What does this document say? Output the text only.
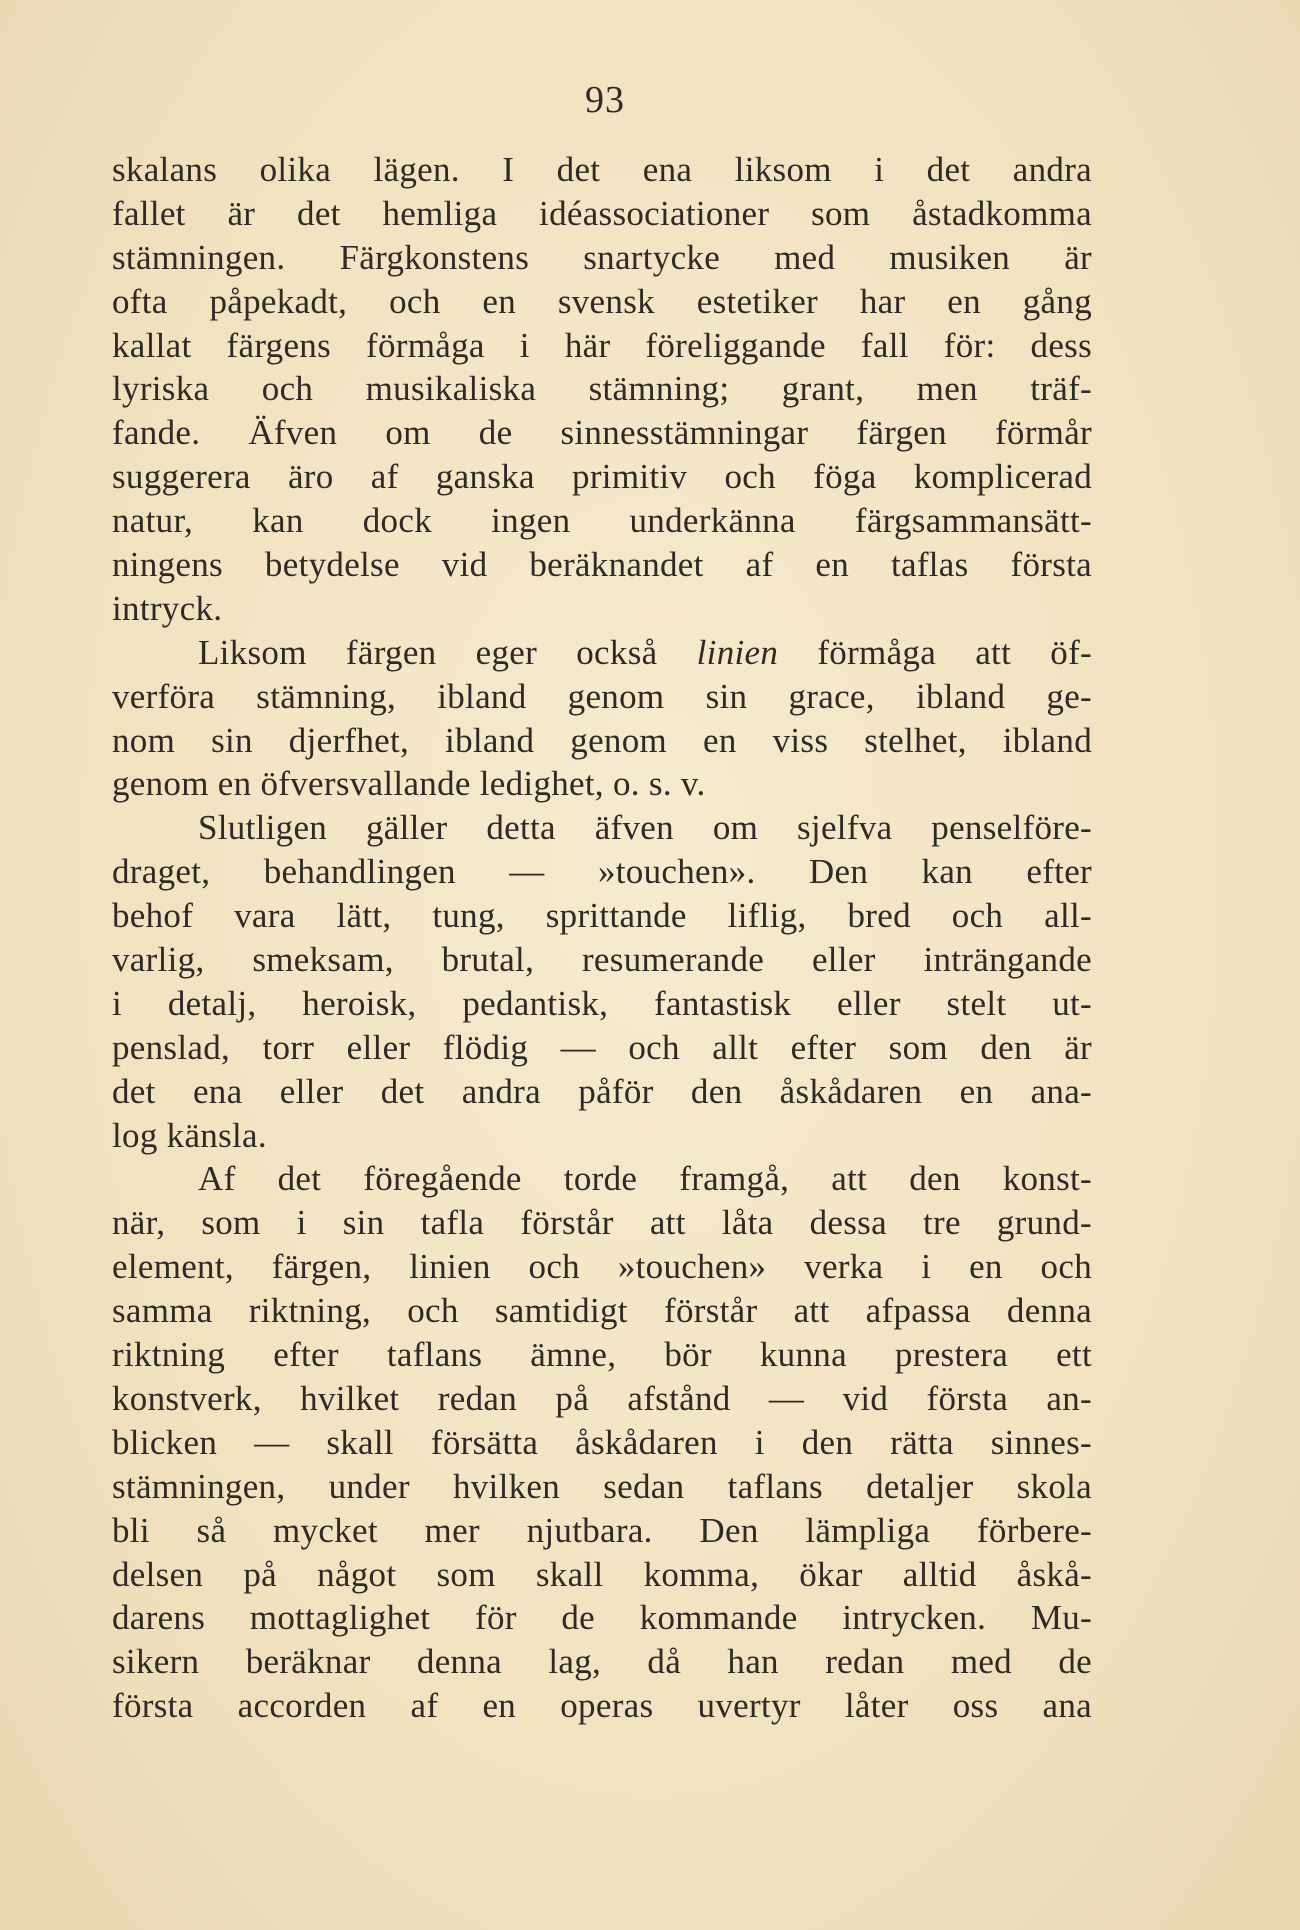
93
skalans olika lägen. I det ena liksom i det andra
fallet är det hemliga idéassociationer som åstadkomma
stämningen. Färgkonstens snartycke med musiken är
ofta påpekadt, och en svensk estetiker har en gång
kallat färgens förmåga i här föreliggande fall för: dess
lyriska och musikaliska stämning; grant, men träf-
fande. Äfven om de sinnesstämningar färgen förmår
suggerera äro af ganska primitiv och föga komplicerad
natur, kan dock ingen underkänna färgsammansätt-
ningens betydelse vid beräknandet af en taflas första
intryck.
Liksom färgen eger också linien förmåga att öf-
verföra stämning, ibland genom sin grace, ibland ge-
nom sin djerfhet, ibland genom en viss stelhet, ibland
genom en öfversvallande ledighet, o. s. v.
Slutligen gäller detta äfven om sjelfva penselföre-
draget, behandlingen — »touchen». Den kan efter
behof vara lätt, tung, sprittande liflig, bred och all-
varlig, smeksam, brutal, resumerande eller inträngande
i detalj, heroisk, pedantisk, fantastisk eller stelt ut-
penslad, torr eller flödig — och allt efter som den är
det ena eller det andra påför den åskådaren en ana-
log känsla.
Af det föregående torde framgå, att den konst-
när, som i sin tafla förstår att låta dessa tre grund-
element, färgen, linien och »touchen» verka i en och
samma riktning, och samtidigt förstår att afpassa denna
riktning efter taflans ämne, bör kunna prestera ett
konstverk, hvilket redan på afstånd — vid första an-
blicken — skall försätta åskådaren i den rätta sinnes-
stämningen, under hvilken sedan taflans detaljer skola
bli så mycket mer njutbara. Den lämpliga förbere-
delsen på något som skall komma, ökar alltid åskå-
darens mottaglighet för de kommande intrycken. Mu-
sikern beräknar denna lag, då han redan med de
första accorden af en operas uvertyr låter oss ana
